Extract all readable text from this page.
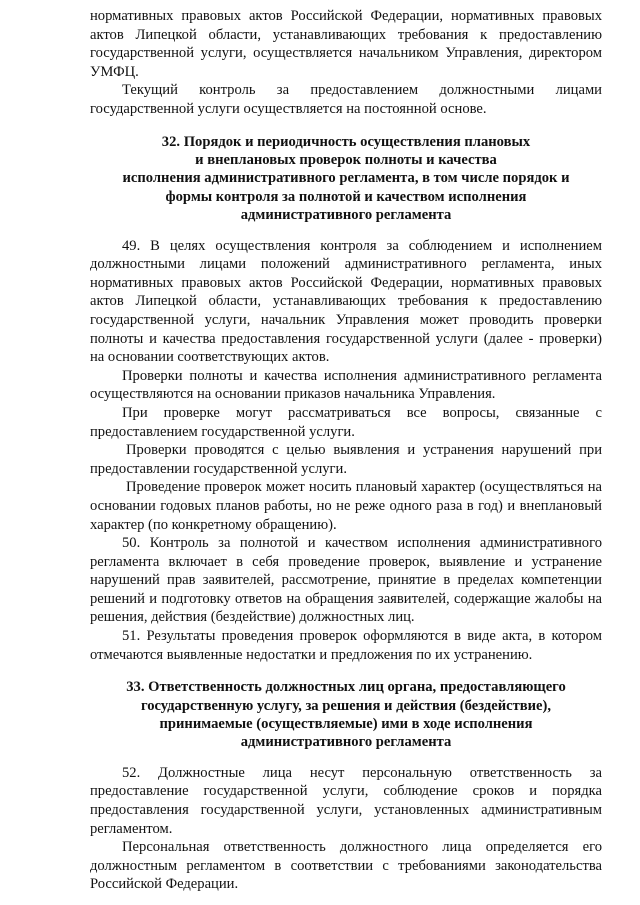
нормативных правовых актов Российской Федерации, нормативных правовых актов Липецкой области, устанавливающих требования к предоставлению государственной услуги, осуществляется начальником Управления, директором УМФЦ.

Текущий контроль за предоставлением должностными лицами государственной услуги осуществляется на постоянной основе.

32. Порядок и периодичность осуществления плановых
и внеплановых проверок полноты и качества
исполнения административного регламента, в том числе порядок и
формы контроля за полнотой и качеством исполнения
административного регламента

49. В целях осуществления контроля за соблюдением и исполнением должностными лицами положений административного регламента, иных нормативных правовых актов Российской Федерации, нормативных правовых актов Липецкой области, устанавливающих требования к предоставлению государственной услуги, начальник Управления может проводить проверки полноты и качества предоставления государственной услуги (далее - проверки) на основании соответствующих актов.

Проверки полноты и качества исполнения административного регламента осуществляются на основании приказов начальника Управления.

При проверке могут рассматриваться все вопросы, связанные с предоставлением государственной услуги.

Проверки проводятся с целью выявления и устранения нарушений при предоставлении государственной услуги.

Проведение проверок может носить плановый характер (осуществляться на основании годовых планов работы, но не реже одного раза в год) и внеплановый характер (по конкретному обращению).

50. Контроль за полнотой и качеством исполнения административного регламента включает в себя проведение проверок, выявление и устранение нарушений прав заявителей, рассмотрение, принятие в пределах компетенции решений и подготовку ответов на обращения заявителей, содержащие жалобы на решения, действия (бездействие) должностных лиц.

51. Результаты проведения проверок оформляются в виде акта, в котором отмечаются выявленные недостатки и предложения по их устранению.

33. Ответственность должностных лиц органа, предоставляющего
государственную услугу, за решения и действия (бездействие),
принимаемые (осуществляемые) ими в ходе исполнения
административного регламента

52. Должностные лица несут персональную ответственность за предоставление государственной услуги, соблюдение сроков и порядка предоставления государственной услуги, установленных административным регламентом.

Персональная ответственность должностного лица определяется его должностным регламентом в соответствии с требованиями законодательства Российской Федерации.
